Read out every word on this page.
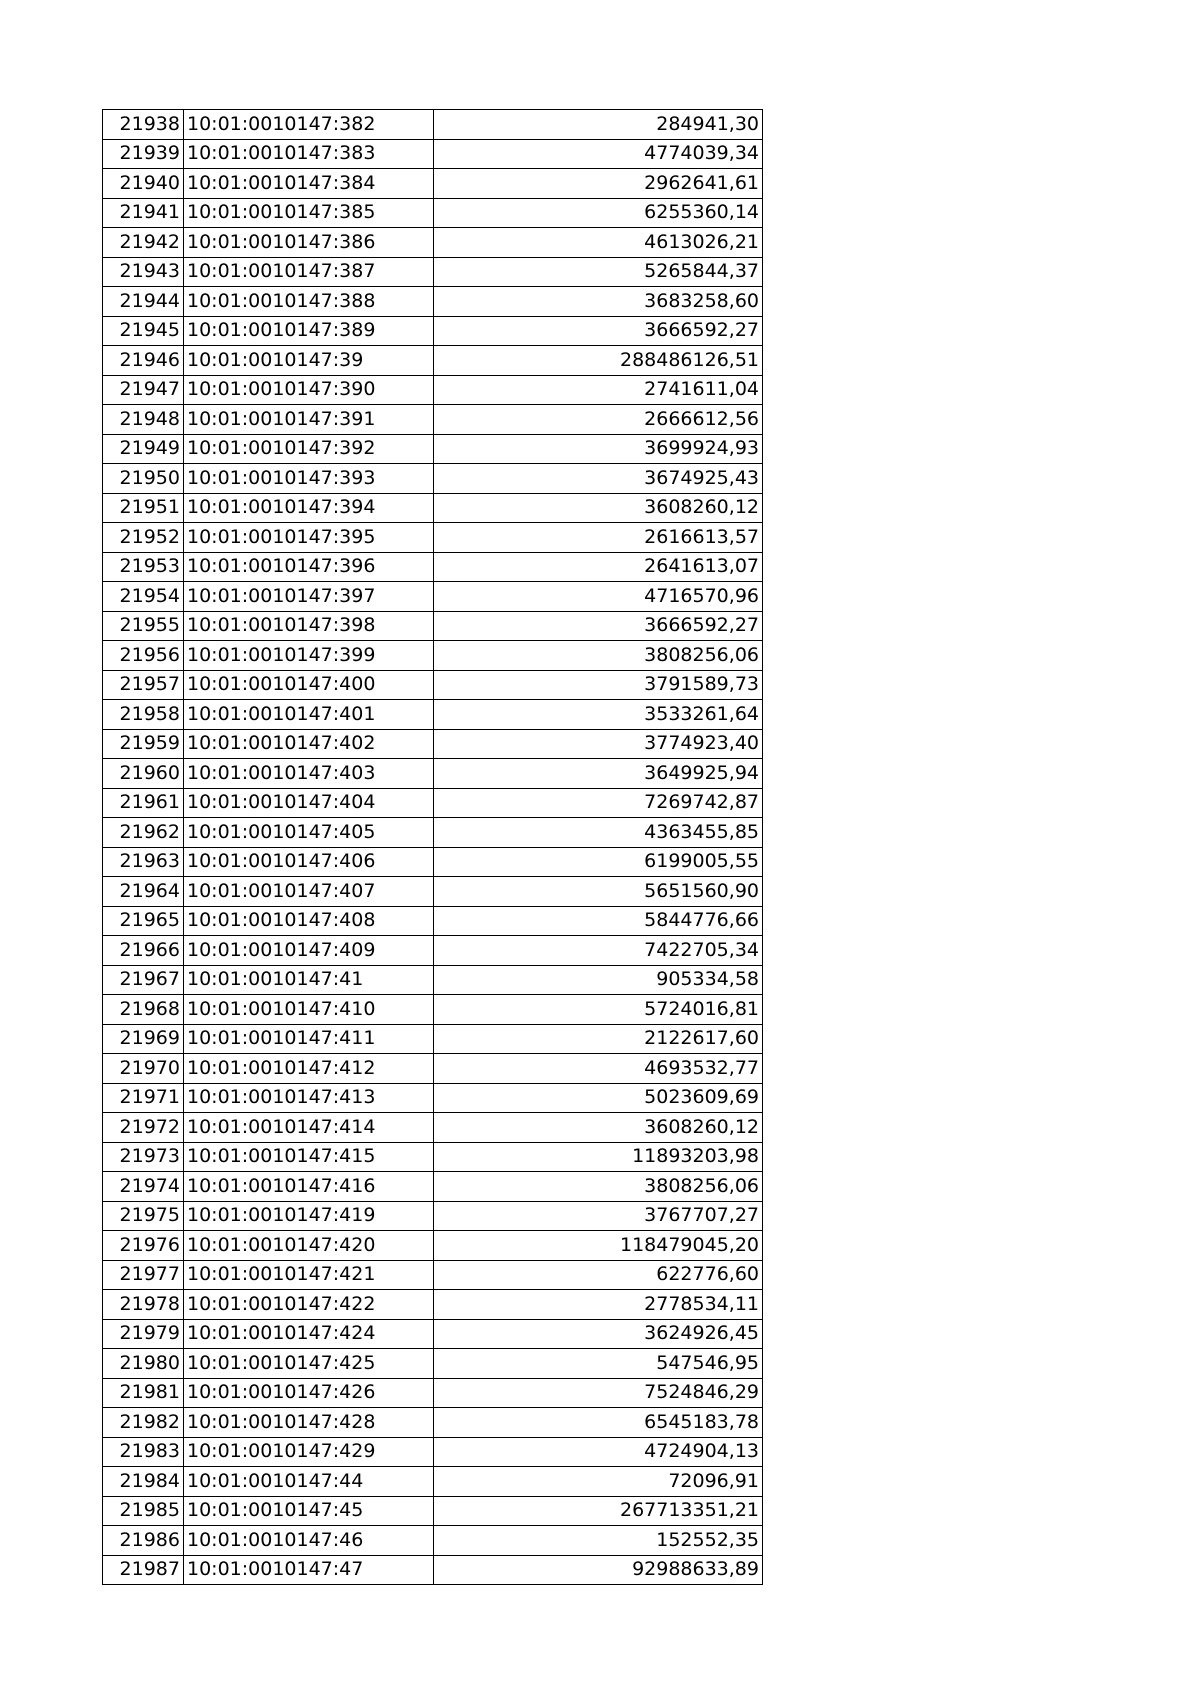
21938	10:01:0010147:382	284941,30
21939	10:01:0010147:383	4774039,34
21940	10:01:0010147:384	2962641,61
21941	10:01:0010147:385	6255360,14
21942	10:01:0010147:386	4613026,21
21943	10:01:0010147:387	5265844,37
21944	10:01:0010147:388	3683258,60
21945	10:01:0010147:389	3666592,27
21946	10:01:0010147:39	288486126,51
21947	10:01:0010147:390	2741611,04
21948	10:01:0010147:391	2666612,56
21949	10:01:0010147:392	3699924,93
21950	10:01:0010147:393	3674925,43
21951	10:01:0010147:394	3608260,12
21952	10:01:0010147:395	2616613,57
21953	10:01:0010147:396	2641613,07
21954	10:01:0010147:397	4716570,96
21955	10:01:0010147:398	3666592,27
21956	10:01:0010147:399	3808256,06
21957	10:01:0010147:400	3791589,73
21958	10:01:0010147:401	3533261,64
21959	10:01:0010147:402	3774923,40
21960	10:01:0010147:403	3649925,94
21961	10:01:0010147:404	7269742,87
21962	10:01:0010147:405	4363455,85
21963	10:01:0010147:406	6199005,55
21964	10:01:0010147:407	5651560,90
21965	10:01:0010147:408	5844776,66
21966	10:01:0010147:409	7422705,34
21967	10:01:0010147:41	905334,58
21968	10:01:0010147:410	5724016,81
21969	10:01:0010147:411	2122617,60
21970	10:01:0010147:412	4693532,77
21971	10:01:0010147:413	5023609,69
21972	10:01:0010147:414	3608260,12
21973	10:01:0010147:415	11893203,98
21974	10:01:0010147:416	3808256,06
21975	10:01:0010147:419	3767707,27
21976	10:01:0010147:420	118479045,20
21977	10:01:0010147:421	622776,60
21978	10:01:0010147:422	2778534,11
21979	10:01:0010147:424	3624926,45
21980	10:01:0010147:425	547546,95
21981	10:01:0010147:426	7524846,29
21982	10:01:0010147:428	6545183,78
21983	10:01:0010147:429	4724904,13
21984	10:01:0010147:44	72096,91
21985	10:01:0010147:45	267713351,21
21986	10:01:0010147:46	152552,35
21987	10:01:0010147:47	92988633,89
